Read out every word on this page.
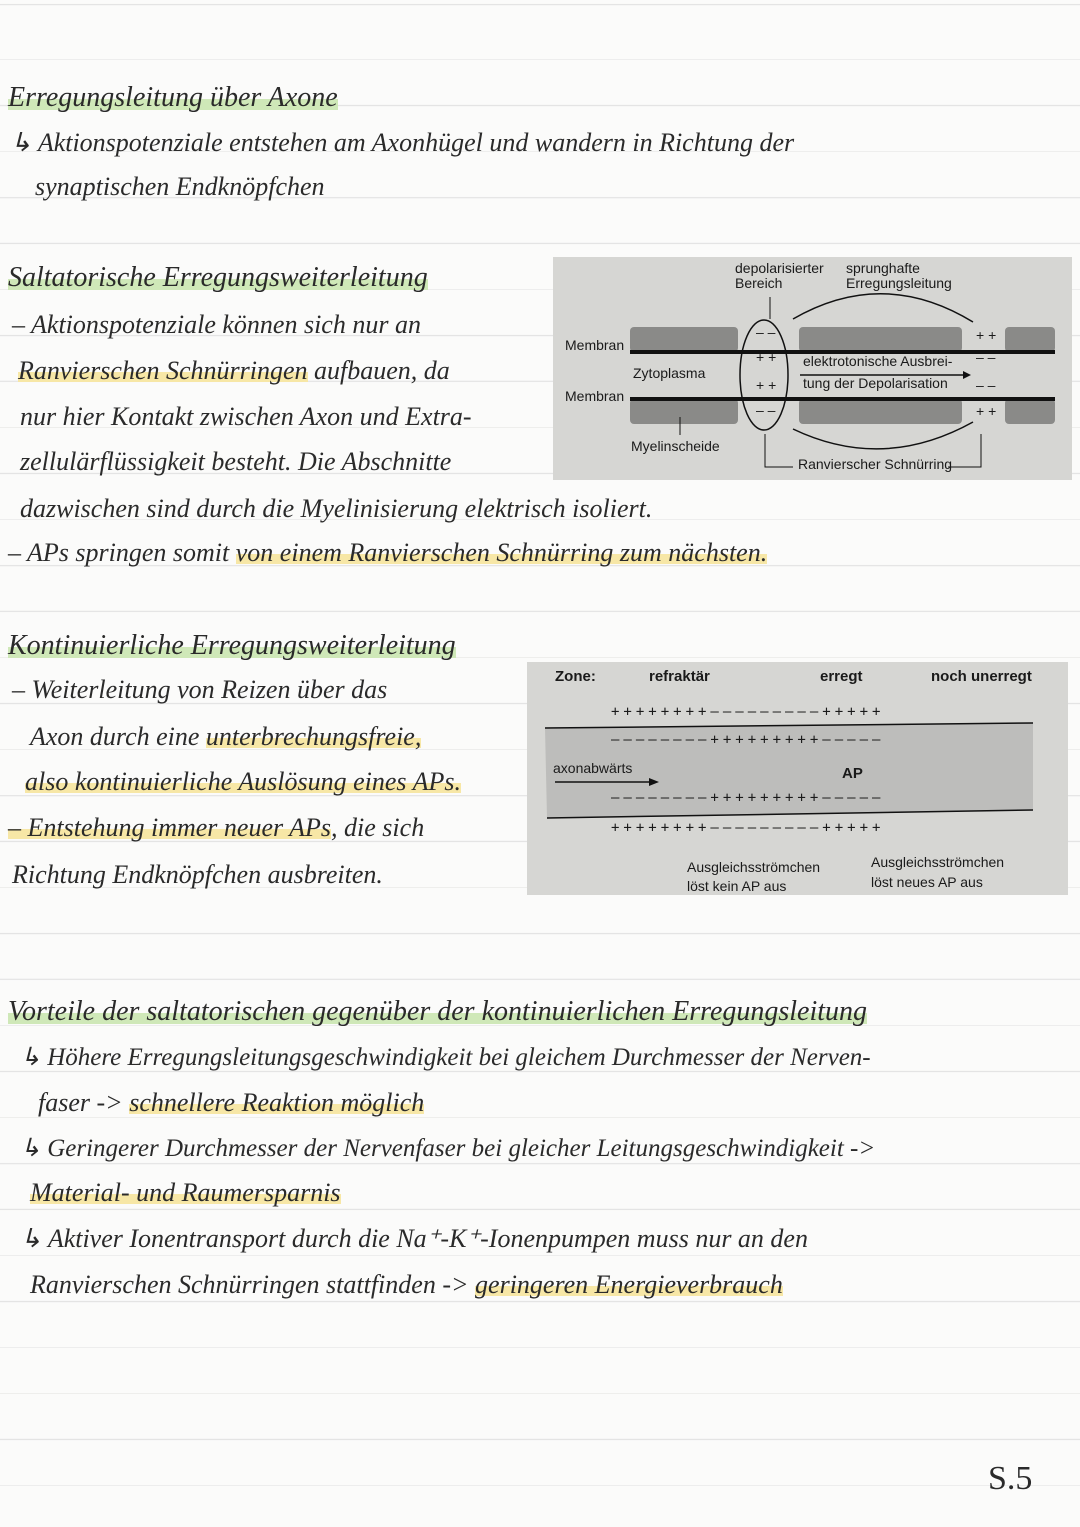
Erregungsleitung über Axone
↳ Aktionspotenziale entstehen am Axonhügel und wandern in Richtung der
synaptischen Endknöpfchen
Saltatorische Erregungsweiterleitung
– Aktionspotenziale können sich nur an
Ranvierschen Schnürringen aufbauen, da
nur hier Kontakt zwischen Axon und Extra-
zellulärflüssigkeit besteht. Die Abschnitte
dazwischen sind durch die Myelinisierung elektrisch isoliert.
– APs springen somit von einem Ranvierschen Schnürring zum nächsten.
depolarisierter
Bereich
sprunghafte
Erregungsleitung
Membran
Membran
Zytoplasma
elektrotonische Ausbrei-
tung der Depolarisation
Myelinscheide
Ranvierscher Schnürring
– –
+ +
+ +
– –
+ +
– –
– –
+ +
Kontinuierliche Erregungsweiterleitung
– Weiterleitung von Reizen über das
Axon durch eine unterbrechungsfreie,
also kontinuierliche Auslösung eines APs.
– Entstehung immer neuer APs, die sich
Richtung Endknöpfchen ausbreiten.
Zone:	refraktär	erregt	noch unerregt
++++++++–––––––––+++++
––––––––+++++++++–––––
––––––––+++++++++–––––
++++++++–––––––––+++++
axonabwärts	AP
Ausgleichsströmchen
löst kein AP aus
Ausgleichsströmchen
löst neues AP aus
Vorteile der saltatorischen gegenüber der kontinuierlichen Erregungsleitung
↳ Höhere Erregungsleitungsgeschwindigkeit bei gleichem Durchmesser der Nerven-
faser -> schnellere Reaktion möglich
↳ Geringerer Durchmesser der Nervenfaser bei gleicher Leitungsgeschwindigkeit ->
Material- und Raumersparnis
↳ Aktiver Ionentransport durch die Na⁺-K⁺-Ionenpumpen muss nur an den
Ranvierschen Schnürringen stattfinden -> geringeren Energieverbrauch
S.5
